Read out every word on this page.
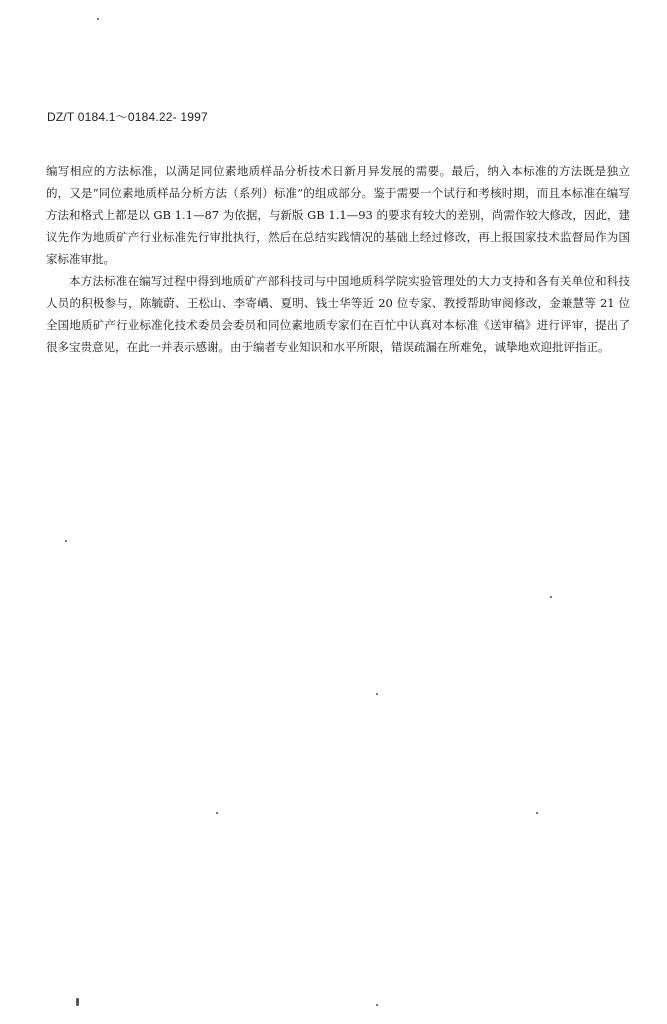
DZ/T 0184.1～0184.22- 1997

编写相应的方法标准，以满足同位素地质样品分析技术日新月异发展的需要。最后，纳入本标准的方法既是独立的，又是“同位素地质样品分析方法（系列）标准”的组成部分。鉴于需要一个试行和考核时期，而且本标准在编写方法和格式上都是以 GB 1.1—87 为依据，与新版 GB 1.1—93 的要求有较大的差别，尚需作较大修改，因此，建议先作为地质矿产行业标准先行审批执行，然后在总结实践情况的基础上经过修改，再上报国家技术监督局作为国家标准审批。

本方法标准在编写过程中得到地质矿产部科技司与中国地质科学院实验管理处的大力支持和各有关单位和科技人员的积极参与，陈毓蔚、王松山、李寄嵎、夏明、钱士华等近 20 位专家、教授帮助审阅修改，金兼慧等 21 位全国地质矿产行业标准化技术委员会委员和同位素地质专家们在百忙中认真对本标准《送审稿》进行评审，提出了很多宝贵意见，在此一并表示感谢。由于编者专业知识和水平所限，错误疏漏在所难免，诚挚地欢迎批评指正。
